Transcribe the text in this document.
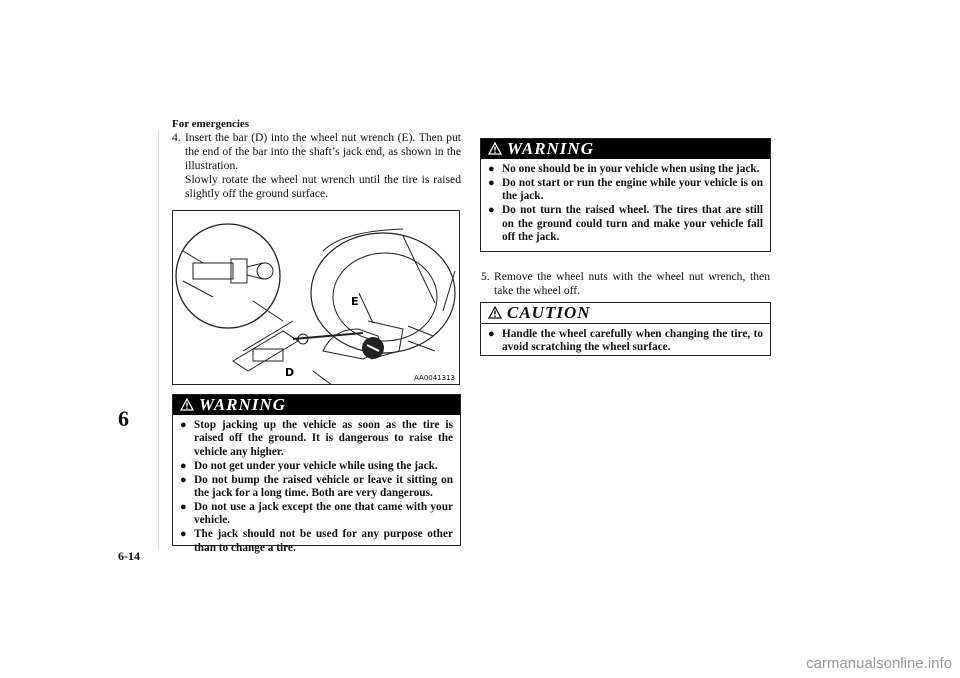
For emergencies
6
6-14
4. Insert the bar (D) into the wheel nut wrench (E). Then put the end of the bar into the shaft’s jack end, as shown in the illustration.

Slowly rotate the wheel nut wrench until the tire is raised slightly off the ground surface.

E
D	AA0041313
WARNING
● Stop jacking up the vehicle as soon as the tire is raised off the ground. It is dangerous to raise the vehicle any higher.
● Do not get under your vehicle while using the jack.
● Do not bump the raised vehicle or leave it sitting on the jack for a long time. Both are very dangerous.
● Do not use a jack except the one that came with your vehicle.
● The jack should not be used for any purpose other than to change a tire.
WARNING
● No one should be in your vehicle when using the jack.
● Do not start or run the engine while your vehicle is on the jack.
● Do not turn the raised wheel. The tires that are still on the ground could turn and make your vehicle fall off the jack.
5. Remove the wheel nuts with the wheel nut wrench, then take the wheel off.

CAUTION
● Handle the wheel carefully when changing the tire, to avoid scratching the wheel surface.
carmanualsonline.info
